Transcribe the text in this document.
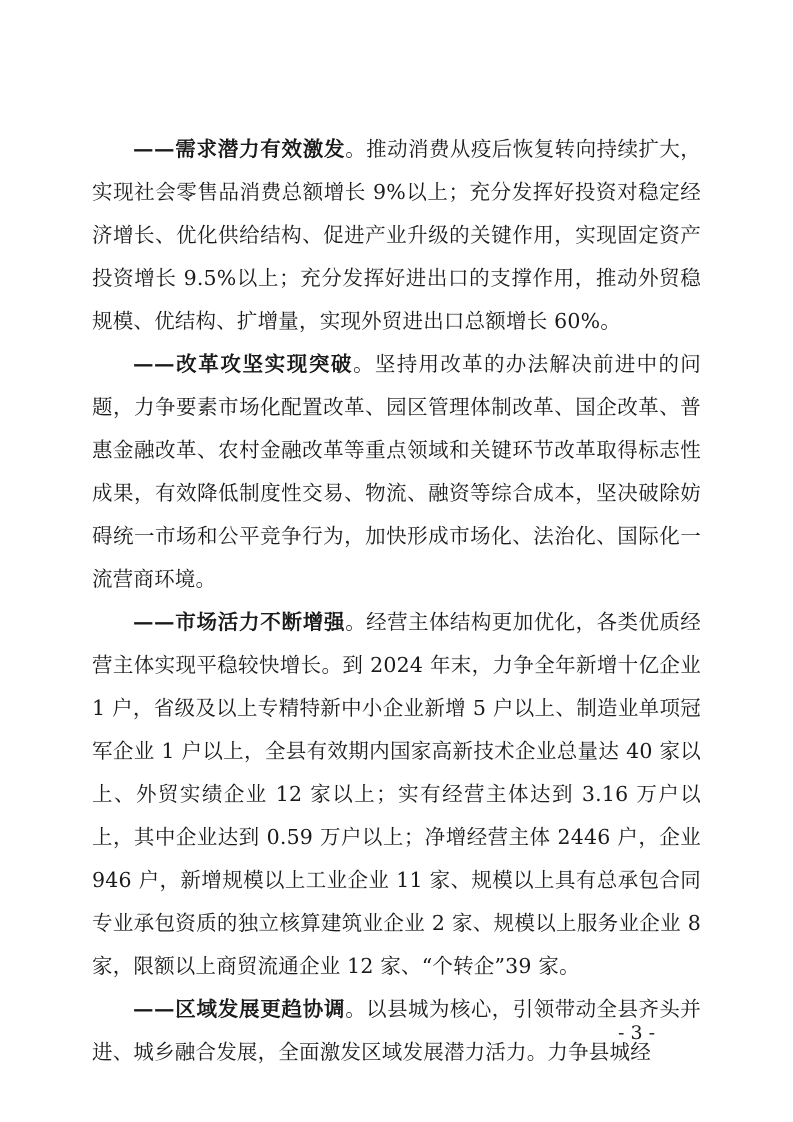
——需求潜力有效激发。推动消费从疫后恢复转向持续扩大，实现社会零售品消费总额增长 9%以上；充分发挥好投资对稳定经济增长、优化供给结构、促进产业升级的关键作用，实现固定资产投资增长 9.5%以上；充分发挥好进出口的支撑作用，推动外贸稳规模、优结构、扩增量，实现外贸进出口总额增长 60%。

——改革攻坚实现突破。坚持用改革的办法解决前进中的问题，力争要素市场化配置改革、园区管理体制改革、国企改革、普惠金融改革、农村金融改革等重点领域和关键环节改革取得标志性成果，有效降低制度性交易、物流、融资等综合成本，坚决破除妨碍统一市场和公平竞争行为，加快形成市场化、法治化、国际化一流营商环境。

——市场活力不断增强。经营主体结构更加优化，各类优质经营主体实现平稳较快增长。到 2024 年末，力争全年新增十亿企业 1 户，省级及以上专精特新中小企业新增 5 户以上、制造业单项冠军企业 1 户以上，全县有效期内国家高新技术企业总量达 40 家以上、外贸实绩企业 12 家以上；实有经营主体达到 3.16 万户以上，其中企业达到 0.59 万户以上；净增经营主体 2446 户，企业 946 户，新增规模以上工业企业 11 家、规模以上具有总承包合同专业承包资质的独立核算建筑业企业 2 家、规模以上服务业企业 8 家，限额以上商贸流通企业 12 家、“个转企”39 家。

——区域发展更趋协调。以县城为核心，引领带动全县齐头并进、城乡融合发展，全面激发区域发展潜力活力。力争县城经

- 3 -
